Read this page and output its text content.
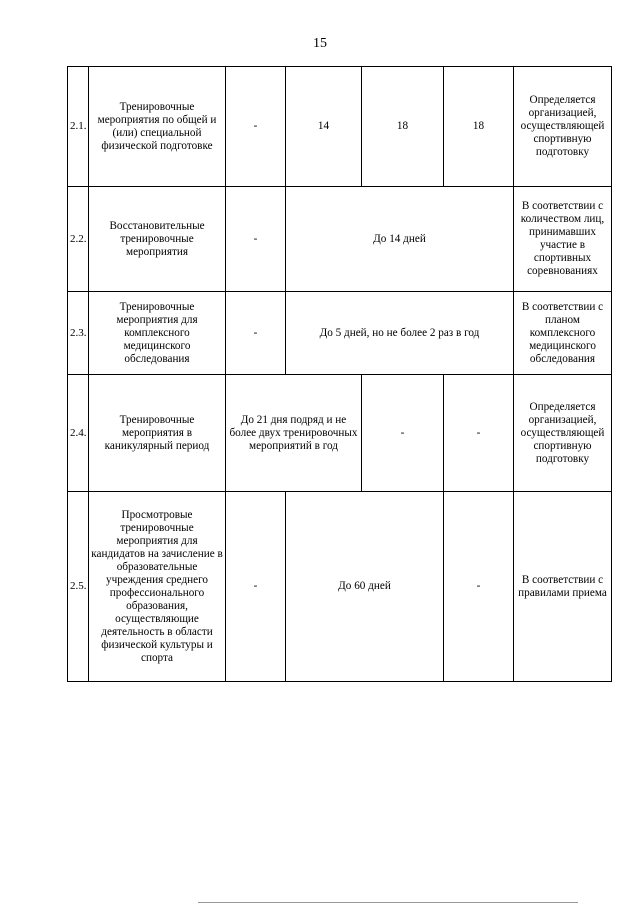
15
2.1.	Тренировочные мероприятия по общей и (или) специальной физической подготовке	-	14	18	18	Определяется организацией, осуществляющей спортивную подготовку
2.2.	Восстановительные тренировочные мероприятия	-	До 14 дней			В соответствии с количеством лиц, принимавших участие в спортивных соревнованиях
2.3.	Тренировочные мероприятия для комплексного медицинского обследования	-	До 5 дней, но не более 2 раз в год			В соответствии с планом комплексного медицинского обследования
2.4.	Тренировочные мероприятия в каникулярный период	До 21 дня подряд и не более двух тренировочных мероприятий в год		-	-	Определяется организацией, осуществляющей спортивную подготовку
2.5.	Просмотровые тренировочные мероприятия для кандидатов на зачисление в образовательные учреждения среднего профессионального образования, осуществляющие деятельность в области физической культуры и спорта	-	До 60 дней		-	В соответствии с правилами приема
